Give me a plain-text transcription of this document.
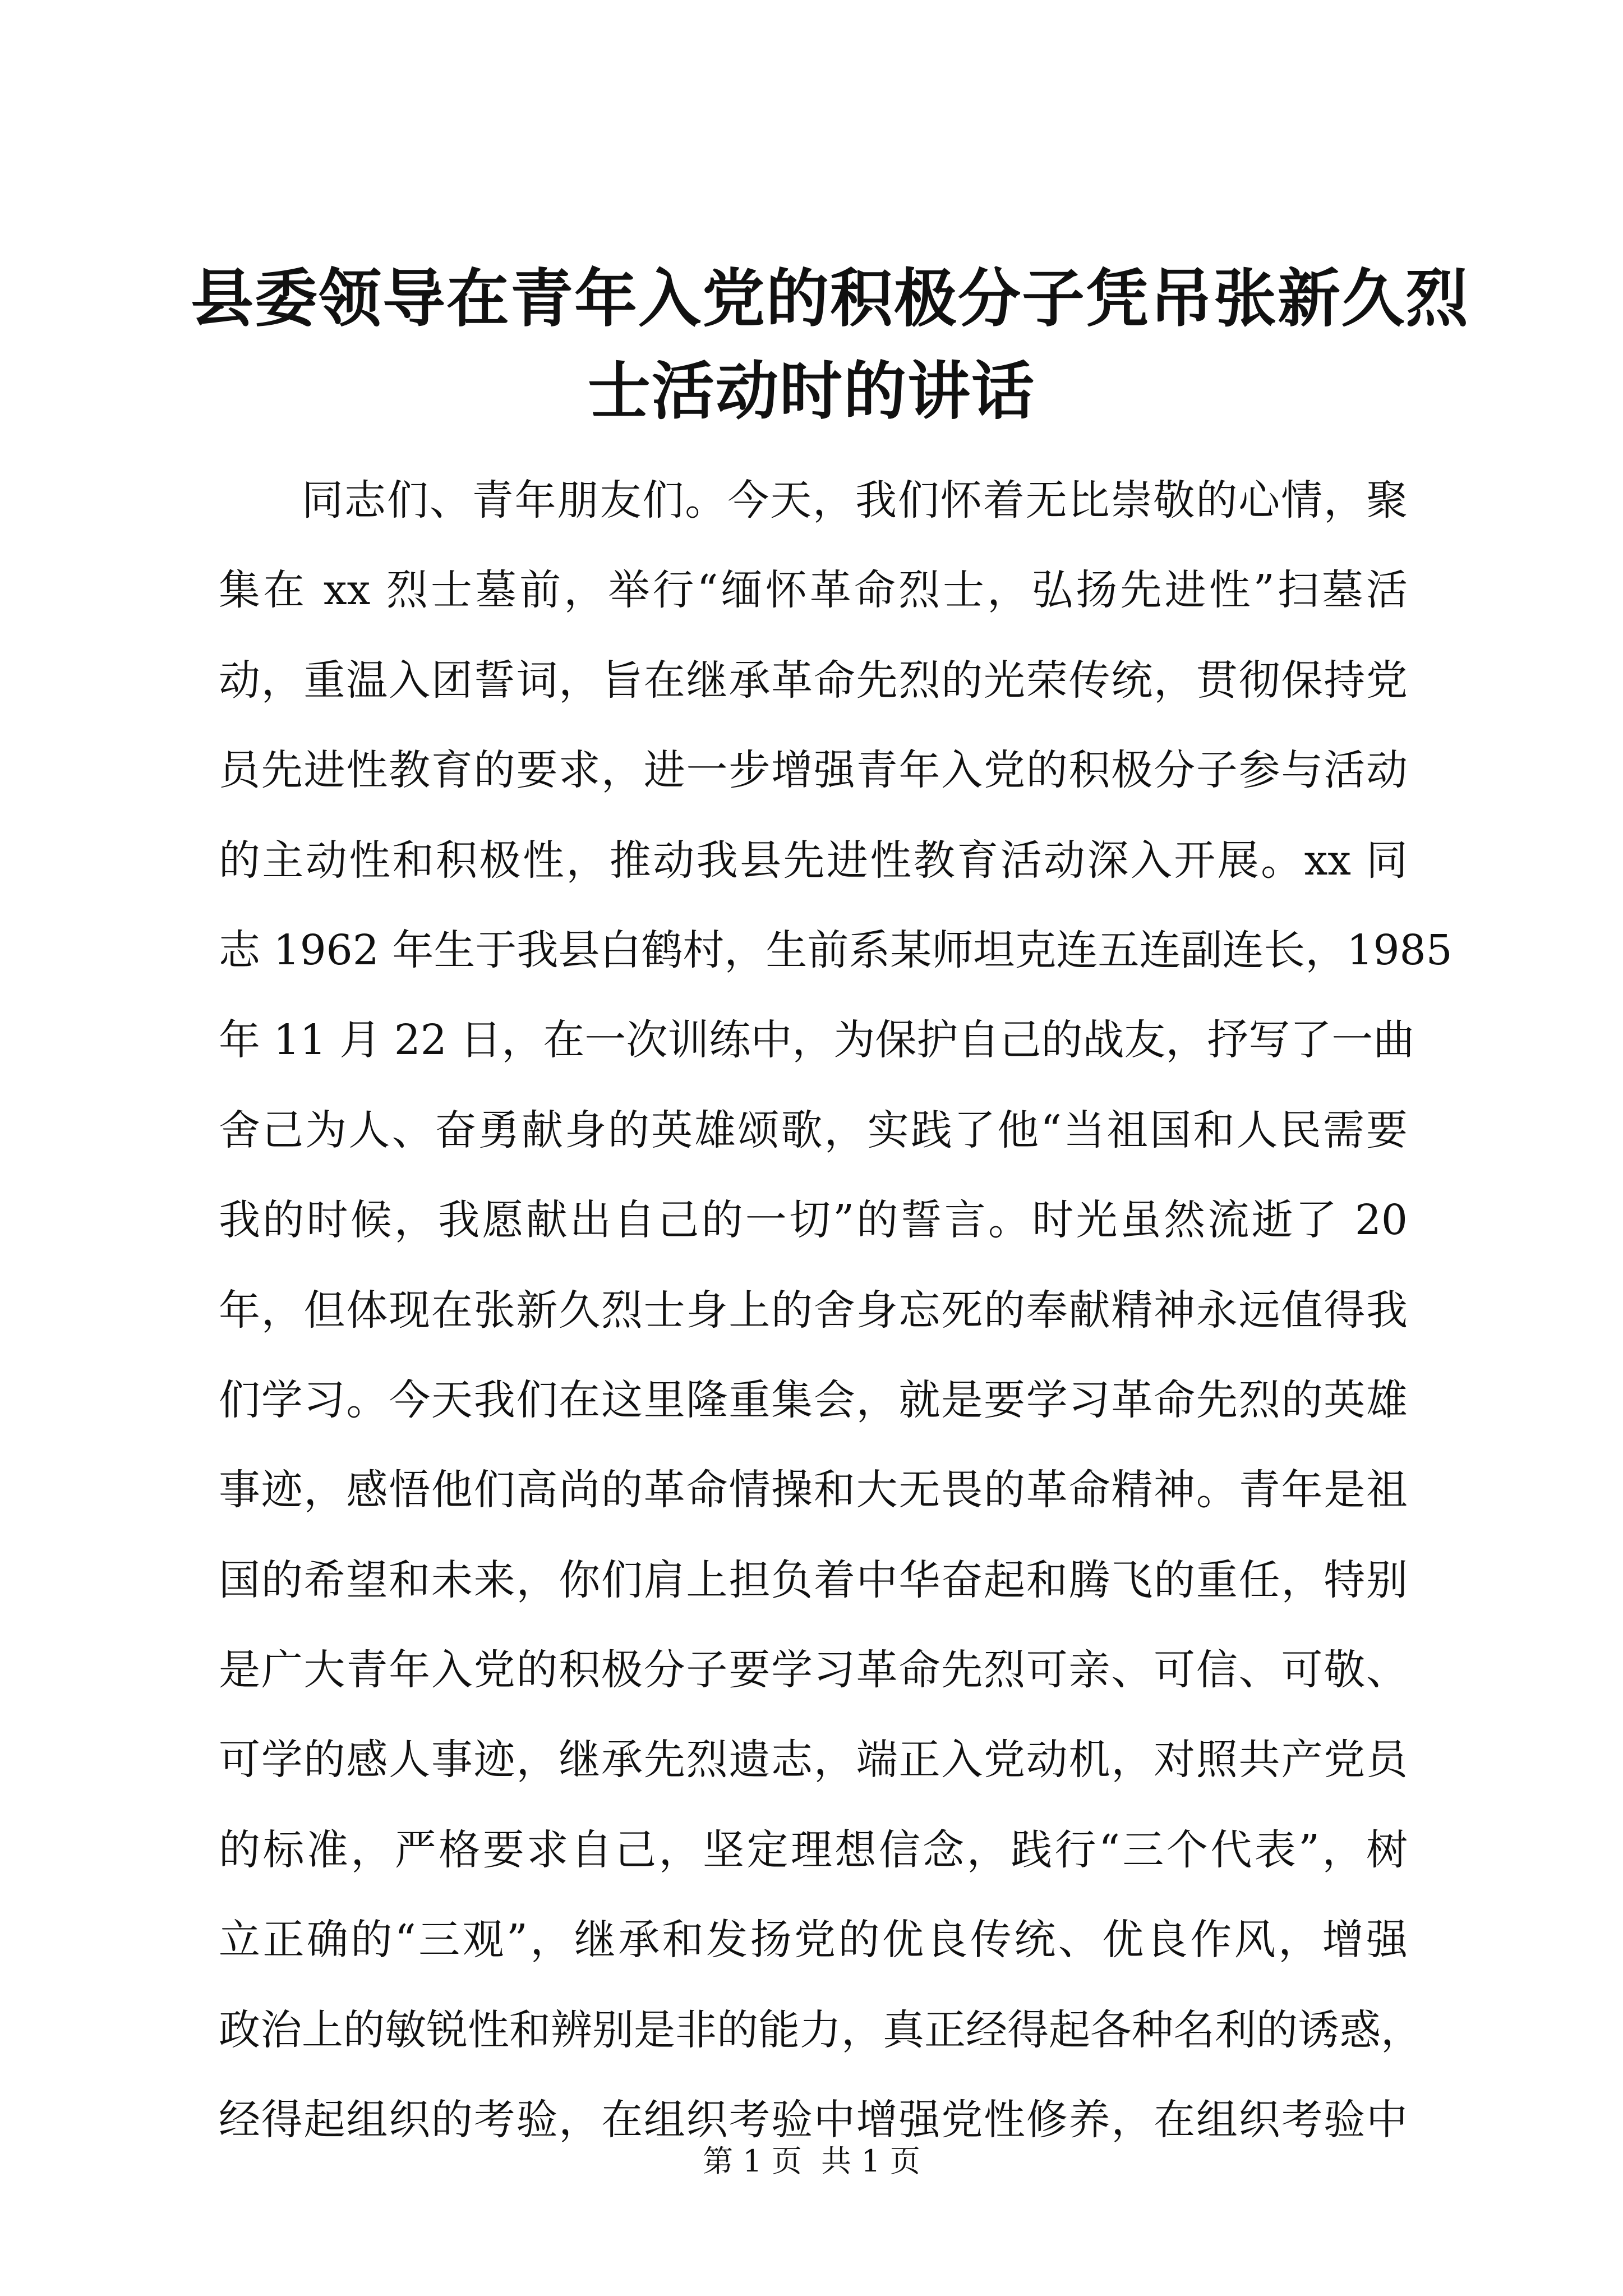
县委领导在青年入党的积极分子凭吊张新久烈
士活动时的讲话
同志们、青年朋友们。今天，我们怀着无比崇敬的心情，聚
集在 xx 烈士墓前，举行“缅怀革命烈士，弘扬先进性”扫墓活
动，重温入团誓词，旨在继承革命先烈的光荣传统，贯彻保持党
员先进性教育的要求，进一步增强青年入党的积极分子参与活动
的主动性和积极性，推动我县先进性教育活动深入开展。xx 同
志 1962 年生于我县白鹤村，生前系某师坦克连五连副连长，1985
年 11 月 22 日，在一次训练中，为保护自己的战友，抒写了一曲
舍己为人、奋勇献身的英雄颂歌，实践了他“当祖国和人民需要
我的时候，我愿献出自己的一切”的誓言。时光虽然流逝了 20
年，但体现在张新久烈士身上的舍身忘死的奉献精神永远值得我
们学习。今天我们在这里隆重集会，就是要学习革命先烈的英雄
事迹，感悟他们高尚的革命情操和大无畏的革命精神。青年是祖
国的希望和未来，你们肩上担负着中华奋起和腾飞的重任，特别
是广大青年入党的积极分子要学习革命先烈可亲、可信、可敬、
可学的感人事迹，继承先烈遗志，端正入党动机，对照共产党员
的标准，严格要求自己，坚定理想信念，践行“三个代表”，树
立正确的“三观”，继承和发扬党的优良传统、优良作风，增强
政治上的敏锐性和辨别是非的能力，真正经得起各种名利的诱惑，
经得起组织的考验，在组织考验中增强党性修养，在组织考验中
第 1 页  共 1 页
